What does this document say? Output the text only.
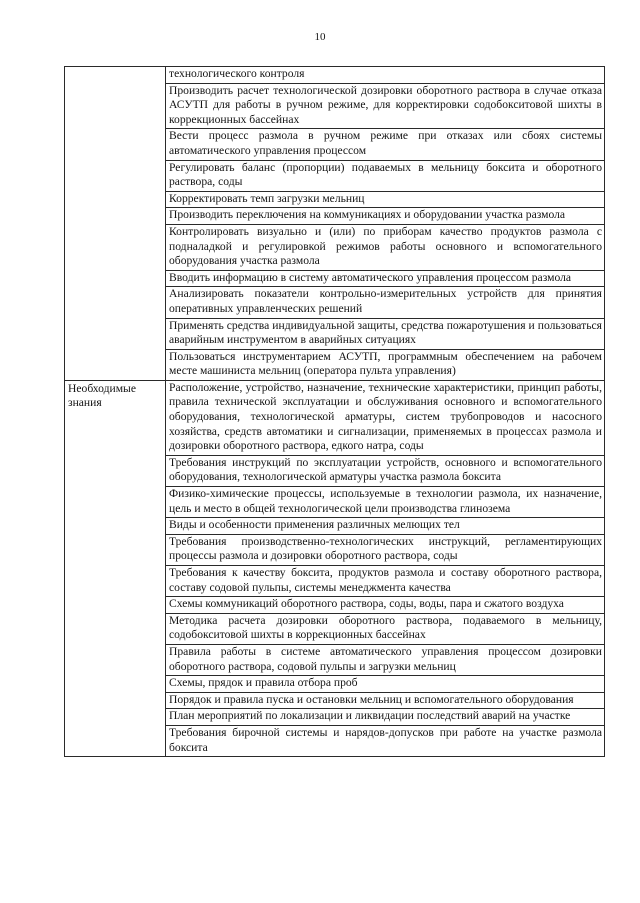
10
	технологического контроля
	Производить расчет технологической дозировки оборотного раствора в случае отказа АСУТП для работы в ручном режиме, для корректировки содобокситовой шихты в коррекционных бассейнах
	Вести процесс размола в ручном режиме при отказах или сбоях системы автоматического управления процессом
	Регулировать баланс (пропорции) подаваемых в мельницу боксита и оборотного раствора, соды
	Корректировать темп загрузки мельниц
	Производить переключения на коммуникациях и оборудовании участка размола
	Контролировать визуально и (или) по приборам качество продуктов размола с подналадкой и регулировкой режимов работы основного и вспомогательного оборудования участка размола
	Вводить информацию в систему автоматического управления процессом размола
	Анализировать показатели контрольно-измерительных устройств для принятия оперативных управленческих решений
	Применять средства индивидуальной защиты, средства пожаротушения и пользоваться аварийным инструментом в аварийных ситуациях
	Пользоваться инструментарием АСУТП, программным обеспечением на рабочем месте машиниста мельниц (оператора пульта управления)
Необходимые знания	Расположение, устройство, назначение, технические характеристики, принцип работы, правила технической эксплуатации и обслуживания основного и вспомогательного оборудования, технологической арматуры, систем трубопроводов и насосного хозяйства, средств автоматики и сигнализации, применяемых в процессах размола и дозировки оборотного раствора, едкого натра, соды
	Требования инструкций по эксплуатации устройств, основного и вспомогательного оборудования, технологической арматуры участка размола боксита
	Физико-химические процессы, используемые в технологии размола, их назначение, цель и место в общей технологической цели производства глинозема
	Виды и особенности применения различных мелющих тел
	Требования производственно-технологических инструкций, регламентирующих процессы размола и дозировки оборотного раствора, соды
	Требования к качеству боксита, продуктов размола и составу оборотного раствора, составу содовой пульпы, системы менеджмента качества
	Схемы коммуникаций оборотного раствора, соды, воды, пара и сжатого воздуха
	Методика расчета дозировки оборотного раствора, подаваемого в мельницу, содобокситовой шихты в коррекционных бассейнах
	Правила работы в системе автоматического управления процессом дозировки оборотного раствора, содовой пульпы и загрузки мельниц
	Схемы, прядок и правила отбора проб
	Порядок и правила пуска и остановки мельниц и вспомогательного оборудования
	План мероприятий по локализации и ликвидации последствий аварий на участке
	Требования бирочной системы и нарядов-допусков при работе на участке размола боксита
